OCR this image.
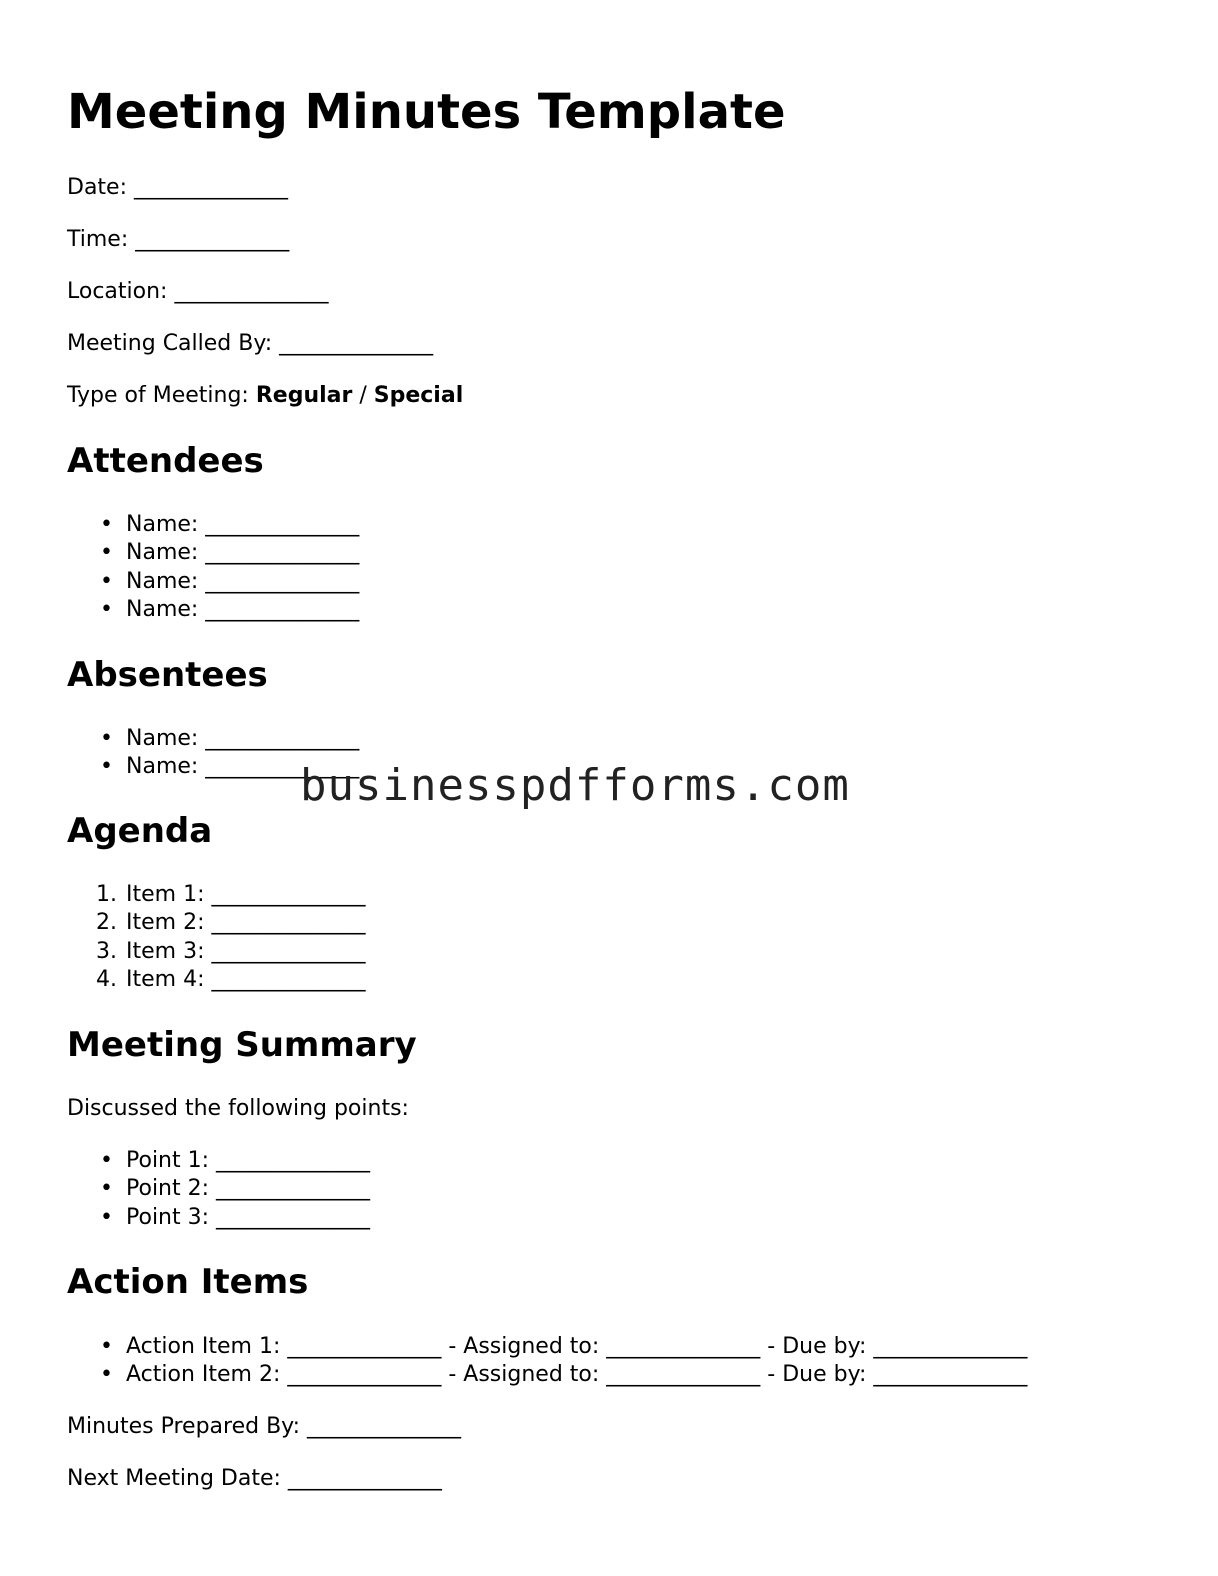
Meeting Minutes Template

Date: ______________

Time: ______________

Location: ______________

Meeting Called By: ______________

Type of Meeting: Regular / Special

Attendees
• Name: ______________
• Name: ______________
• Name: ______________
• Name: ______________
Absentees
• Name: ______________
• Name: ______________
Agenda
1. Item 1: ______________
2. Item 2: ______________
3. Item 3: ______________
4. Item 4: ______________
Meeting Summary

Discussed the following points:

• Point 1: ______________
• Point 2: ______________
• Point 3: ______________
Action Items
• Action Item 1: ______________ - Assigned to: ______________ - Due by: ______________
• Action Item 2: ______________ - Assigned to: ______________ - Due by: ______________

Minutes Prepared By: ______________

Next Meeting Date: ______________

businesspdfforms.com
